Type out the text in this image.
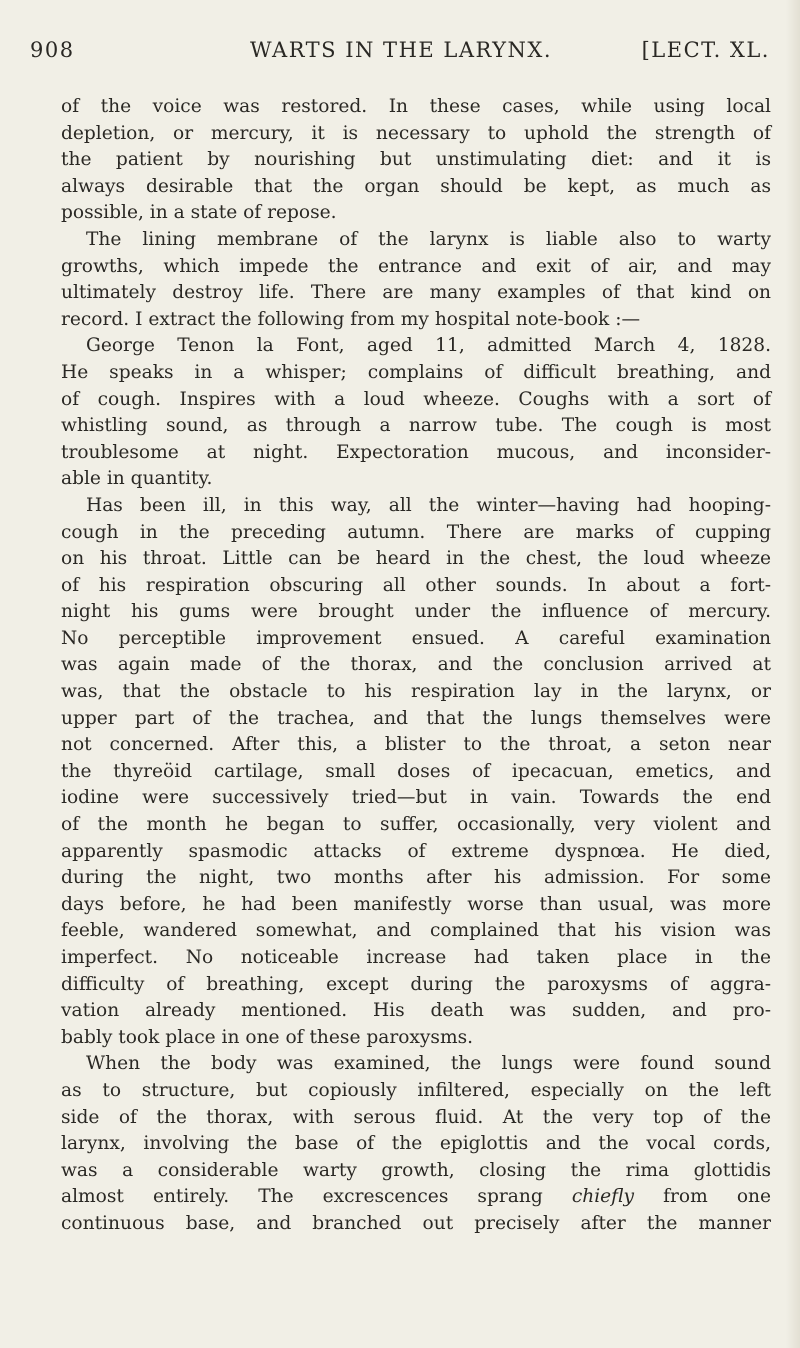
908	WARTS IN THE LARYNX.	[LECT. XL.
of the voice was restored. In these cases, while using local
depletion, or mercury, it is necessary to uphold the strength of
the patient by nourishing but unstimulating diet: and it is
always desirable that the organ should be kept, as much as
possible, in a state of repose.
The lining membrane of the larynx is liable also to warty
growths, which impede the entrance and exit of air, and may
ultimately destroy life. There are many examples of that kind on
record. I extract the following from my hospital note-book :—
George Tenon la Font, aged 11, admitted March 4, 1828.
He speaks in a whisper; complains of difficult breathing, and
of cough. Inspires with a loud wheeze. Coughs with a sort of
whistling sound, as through a narrow tube. The cough is most
troublesome at night. Expectoration mucous, and inconsider-
able in quantity.
Has been ill, in this way, all the winter—having had hooping-
cough in the preceding autumn. There are marks of cupping
on his throat. Little can be heard in the chest, the loud wheeze
of his respiration obscuring all other sounds. In about a fort-
night his gums were brought under the influence of mercury.
No perceptible improvement ensued. A careful examination
was again made of the thorax, and the conclusion arrived at
was, that the obstacle to his respiration lay in the larynx, or
upper part of the trachea, and that the lungs themselves were
not concerned. After this, a blister to the throat, a seton near
the thyreöid cartilage, small doses of ipecacuan, emetics, and
iodine were successively tried—but in vain. Towards the end
of the month he began to suffer, occasionally, very violent and
apparently spasmodic attacks of extreme dyspnœa. He died,
during the night, two months after his admission. For some
days before, he had been manifestly worse than usual, was more
feeble, wandered somewhat, and complained that his vision was
imperfect. No noticeable increase had taken place in the
difficulty of breathing, except during the paroxysms of aggra-
vation already mentioned. His death was sudden, and pro-
bably took place in one of these paroxysms.
When the body was examined, the lungs were found sound
as to structure, but copiously infiltered, especially on the left
side of the thorax, with serous fluid. At the very top of the
larynx, involving the base of the epiglottis and the vocal cords,
was a considerable warty growth, closing the rima glottidis
almost entirely. The excrescences sprang chiefly from one
continuous base, and branched out precisely after the manner
